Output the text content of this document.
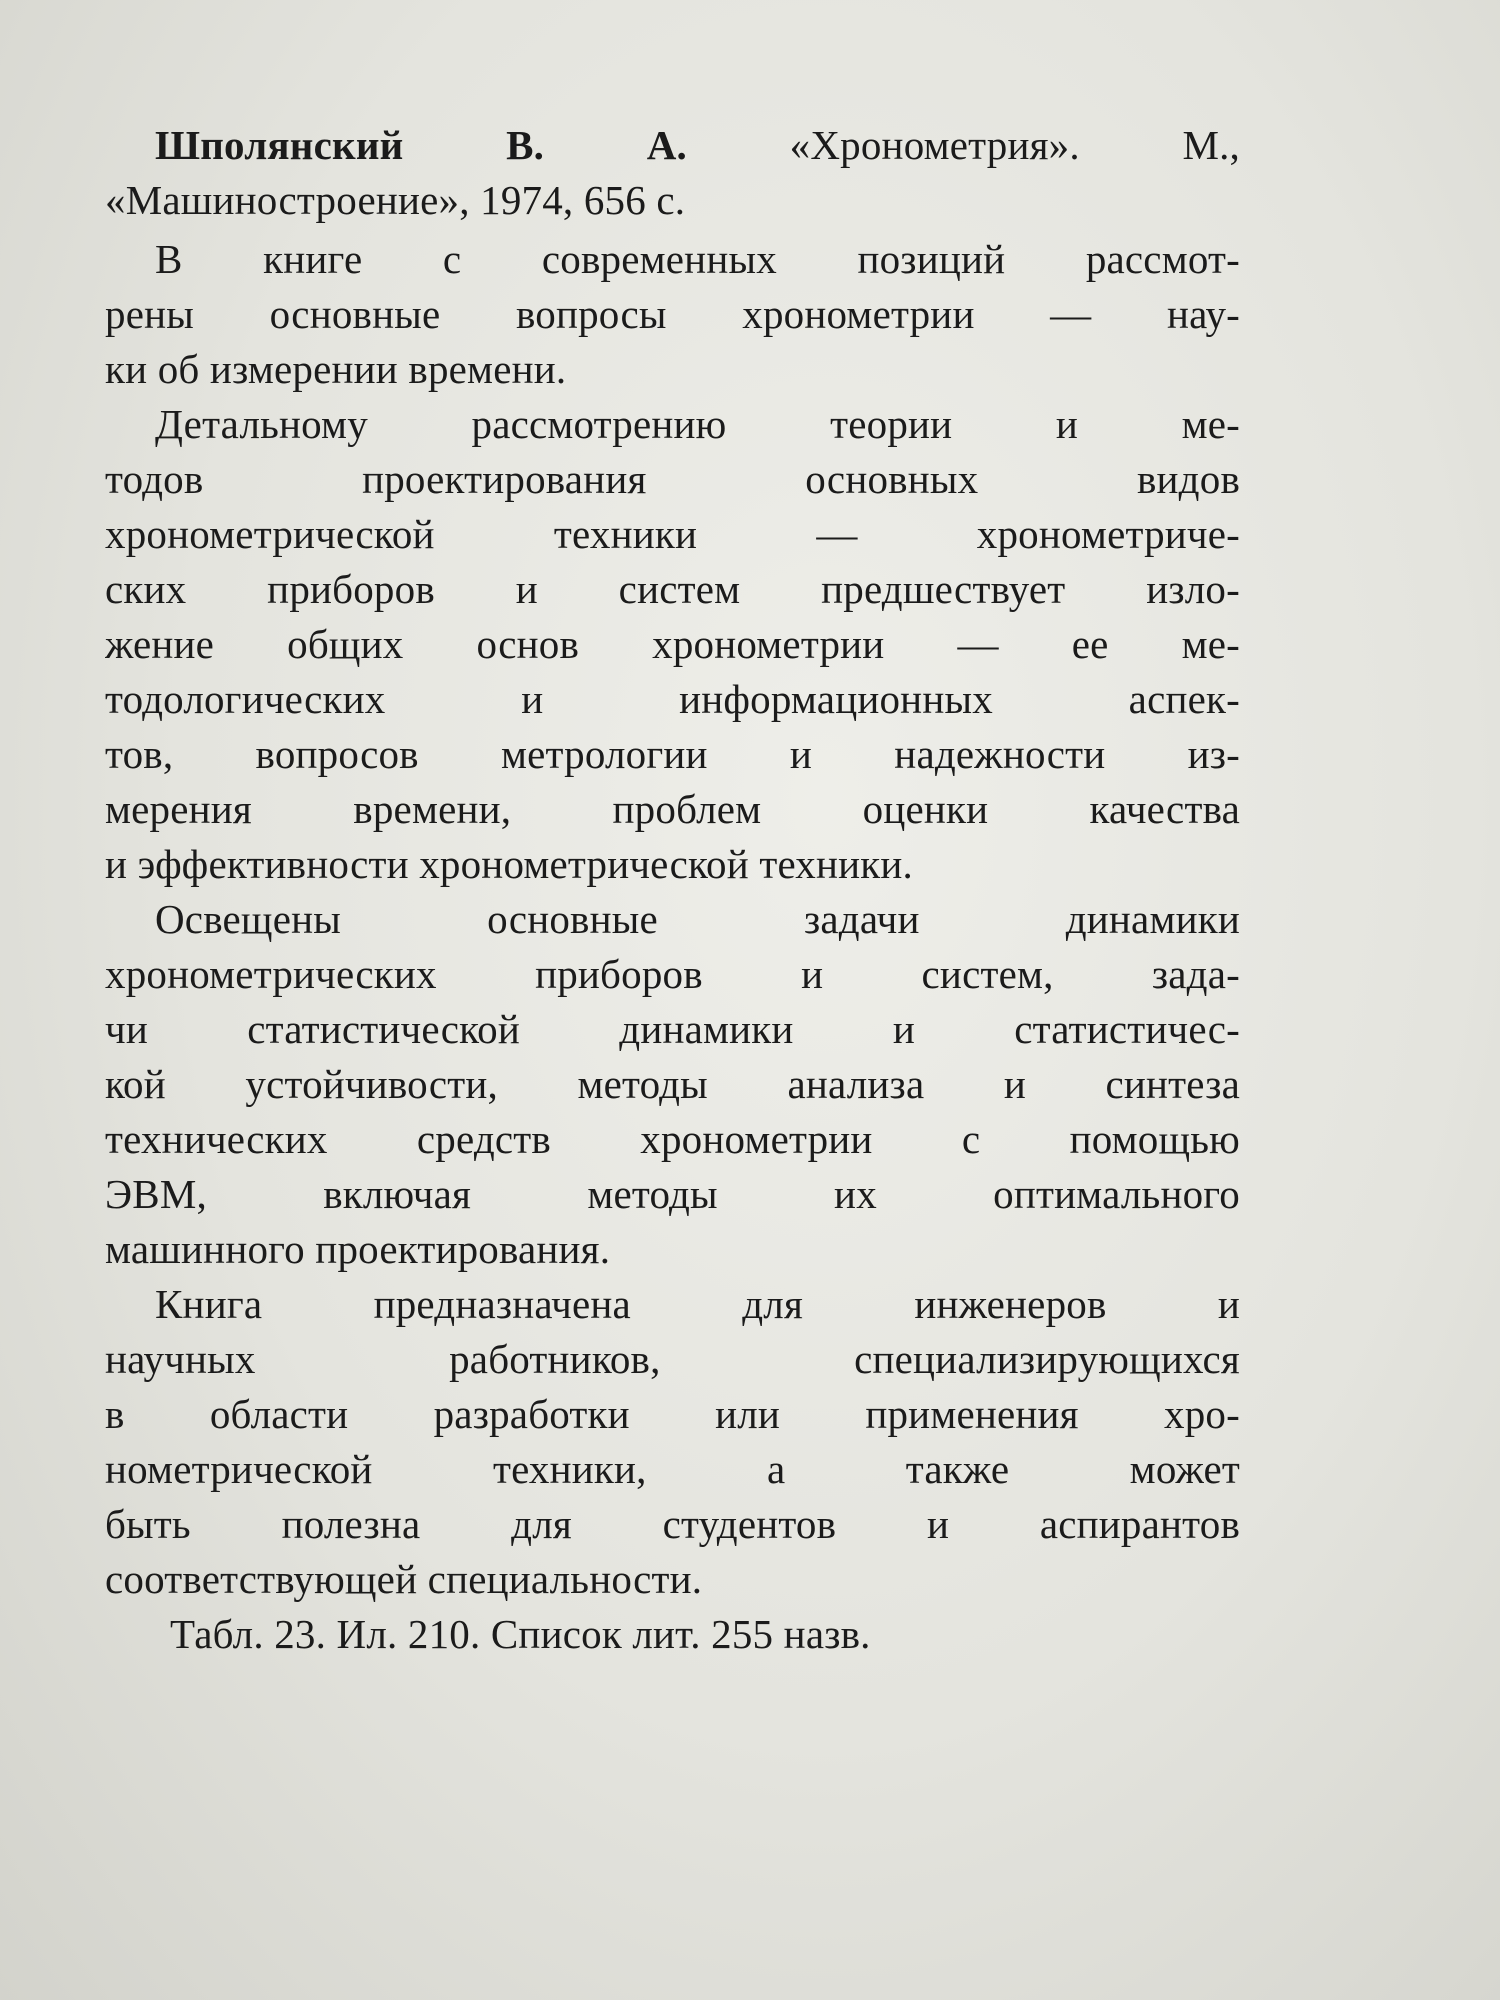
Шполянский В. А.	«Хронометрия». М.,
«Машиностроение», 1974, 656 с.
В книге с современных позиций рассмот-
рены основные вопросы хронометрии — нау-
ки об измерении времени.
Детальному рассмотрению теории и ме-
тодов проектирования основных видов
хронометрической техники — хронометриче-
ских приборов и систем предшествует изло-
жение общих основ хронометрии — ее ме-
тодологических и информационных аспек-
тов, вопросов метрологии и надежности из-
мерения времени, проблем оценки качества
и эффективности хронометрической техники.
Освещены основные задачи динамики
хронометрических приборов и систем, зада-
чи статистической динамики и статистичес-
кой устойчивости, методы анализа и синтеза
технических средств хронометрии с помощью
ЭВМ, включая методы их оптимального
машинного проектирования.
Книга предназначена для инженеров и
научных работников, специализирующихся
в области разработки или применения хро-
нометрической техники, а также может
быть полезна для студентов и аспирантов
соответствующей специальности.
Табл. 23. Ил. 210. Список лит. 255 назв.
